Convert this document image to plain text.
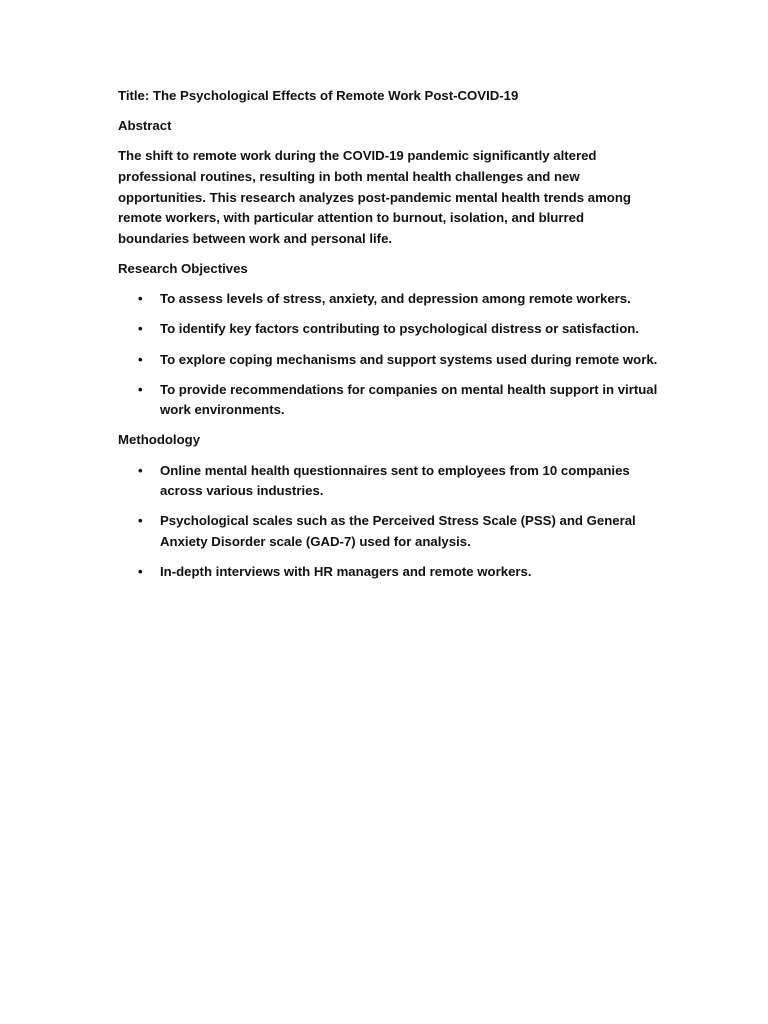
Title: The Psychological Effects of Remote Work Post-COVID-19

Abstract

The shift to remote work during the COVID-19 pandemic significantly altered professional routines, resulting in both mental health challenges and new opportunities. This research analyzes post-pandemic mental health trends among remote workers, with particular attention to burnout, isolation, and blurred boundaries between work and personal life.

Research Objectives

• To assess levels of stress, anxiety, and depression among remote workers.
• To identify key factors contributing to psychological distress or satisfaction.
• To explore coping mechanisms and support systems used during remote work.
• To provide recommendations for companies on mental health support in virtual work environments.

Methodology

• Online mental health questionnaires sent to employees from 10 companies across various industries.
• Psychological scales such as the Perceived Stress Scale (PSS) and General Anxiety Disorder scale (GAD-7) used for analysis.
• In-depth interviews with HR managers and remote workers.
